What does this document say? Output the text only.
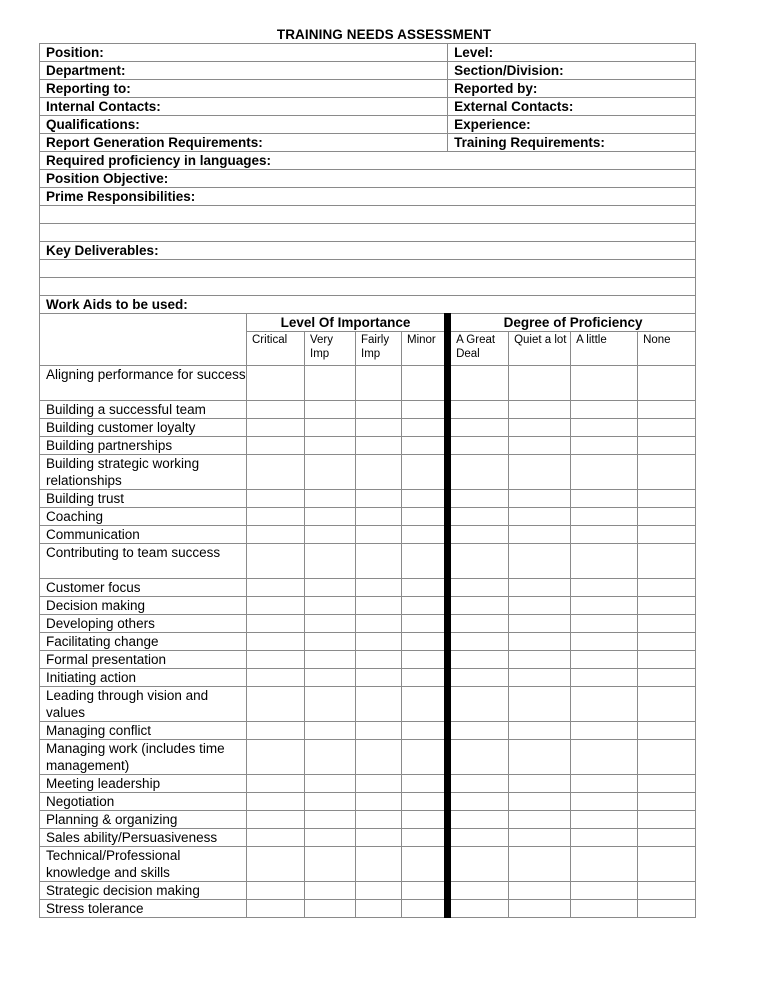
TRAINING NEEDS ASSESSMENT
Position:					Level:			
Department:					Section/Division:			
Reporting to:					Reported by:			
Internal Contacts:					External Contacts:			
Qualifications:					Experience:			
Report Generation Requirements:					Training Requirements:			
Required proficiency in languages:								
Position Objective:								
Prime Responsibilities:								

Key Deliverables:								

Work Aids to be used:								
	Level Of Importance				Degree of Proficiency			
	Critical	Very Imp	Fairly Imp	Minor	A Great Deal	Quiet a lot	A little	None
Aligning performance for success								
Building a successful team								
Building customer loyalty								
Building partnerships								
Building strategic working relationships								
Building trust								
Coaching								
Communication								
Contributing to team success								
Customer focus								
Decision making								
Developing others								
Facilitating change								
Formal presentation								
Initiating action								
Leading through vision and values								
Managing conflict								
Managing work (includes time management)								
Meeting leadership								
Negotiation								
Planning & organizing								
Sales ability/Persuasiveness								
Technical/Professional knowledge and skills								
Strategic decision making								
Stress tolerance								
